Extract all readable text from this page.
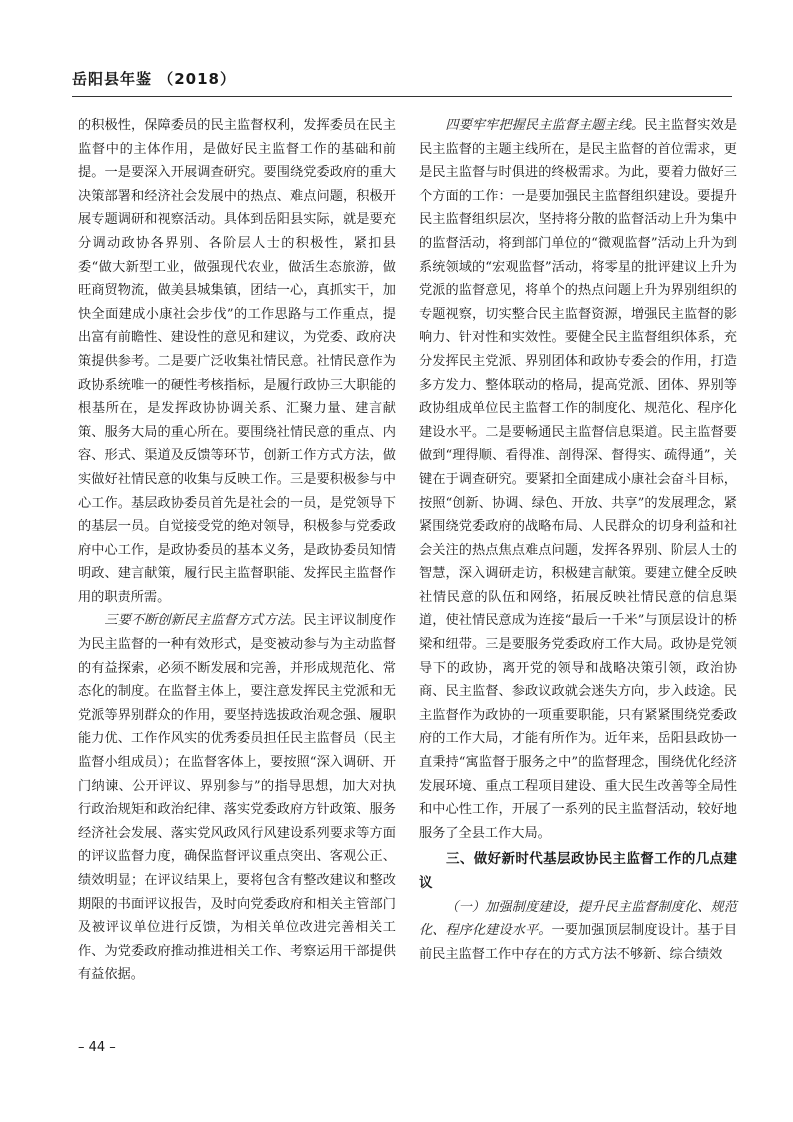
岳阳县年鉴 （2018）

的积极性，保障委员的民主监督权利，发挥委员在民主监督中的主体作用，是做好民主监督工作的基础和前提。一是要深入开展调查研究。要围绕党委政府的重大决策部署和经济社会发展中的热点、难点问题，积极开展专题调研和视察活动。具体到岳阳县实际，就是要充分调动政协各界别、各阶层人士的积极性，紧扣县委“做大新型工业，做强现代农业，做活生态旅游，做旺商贸物流，做美县城集镇，团结一心，真抓实干，加快全面建成小康社会步伐”的工作思路与工作重点，提出富有前瞻性、建设性的意见和建议，为党委、政府决策提供参考。二是要广泛收集社情民意。社情民意作为政协系统唯一的硬性考核指标，是履行政协三大职能的根基所在，是发挥政协协调关系、汇聚力量、建言献策、服务大局的重心所在。要围绕社情民意的重点、内容、形式、渠道及反馈等环节，创新工作方式方法，做实做好社情民意的收集与反映工作。三是要积极参与中心工作。基层政协委员首先是社会的一员，是党领导下的基层一员。自觉接受党的绝对领导，积极参与党委政府中心工作，是政协委员的基本义务，是政协委员知情明政、建言献策，履行民主监督职能、发挥民主监督作用的职责所需。

三要不断创新民主监督方式方法。民主评议制度作为民主监督的一种有效形式，是变被动参与为主动监督的有益探索，必须不断发展和完善，并形成规范化、常态化的制度。在监督主体上，要注意发挥民主党派和无党派等界别群众的作用，要坚持选拔政治观念强、履职能力优、工作作风实的优秀委员担任民主监督员（民主监督小组成员）；在监督客体上，要按照“深入调研、开门纳谏、公开评议、界别参与”的指导思想，加大对执行政治规矩和政治纪律、落实党委政府方针政策、服务经济社会发展、落实党风政风行风建设系列要求等方面的评议监督力度，确保监督评议重点突出、客观公正、绩效明显；在评议结果上，要将包含有整改建议和整改期限的书面评议报告，及时向党委政府和相关主管部门及被评议单位进行反馈，为相关单位改进完善相关工作、为党委政府推动推进相关工作、考察运用干部提供有益依据。

四要牢牢把握民主监督主题主线。民主监督实效是民主监督的主题主线所在，是民主监督的首位需求，更是民主监督与时俱进的终极需求。为此，要着力做好三个方面的工作：一是要加强民主监督组织建设。要提升民主监督组织层次，坚持将分散的监督活动上升为集中的监督活动，将到部门单位的“微观监督”活动上升为到系统领域的“宏观监督”活动，将零星的批评建议上升为党派的监督意见，将单个的热点问题上升为界别组织的专题视察，切实整合民主监督资源，增强民主监督的影响力、针对性和实效性。要健全民主监督组织体系，充分发挥民主党派、界别团体和政协专委会的作用，打造多方发力、整体联动的格局，提高党派、团体、界别等政协组成单位民主监督工作的制度化、规范化、程序化建设水平。二是要畅通民主监督信息渠道。民主监督要做到“理得顺、看得准、剖得深、督得实、疏得通”，关键在于调查研究。要紧扣全面建成小康社会奋斗目标，按照“创新、协调、绿色、开放、共享”的发展理念，紧紧围绕党委政府的战略布局、人民群众的切身利益和社会关注的热点焦点难点问题，发挥各界别、阶层人士的智慧，深入调研走访，积极建言献策。要建立健全反映社情民意的队伍和网络，拓展反映社情民意的信息渠道，使社情民意成为连接“最后一千米”与顶层设计的桥梁和纽带。三是要服务党委政府工作大局。政协是党领导下的政协，离开党的领导和战略决策引领，政治协商、民主监督、参政议政就会迷失方向，步入歧途。民主监督作为政协的一项重要职能，只有紧紧围绕党委政府的工作大局，才能有所作为。近年来，岳阳县政协一直秉持“寓监督于服务之中”的监督理念，围绕优化经济发展环境、重点工程项目建设、重大民生改善等全局性和中心性工作，开展了一系列的民主监督活动，较好地服务了全县工作大局。

三、做好新时代基层政协民主监督工作的几点建议

（一）加强制度建设，提升民主监督制度化、规范化、程序化建设水平。一要加强顶层制度设计。基于目前民主监督工作中存在的方式方法不够新、综合绩效

– 44 –
